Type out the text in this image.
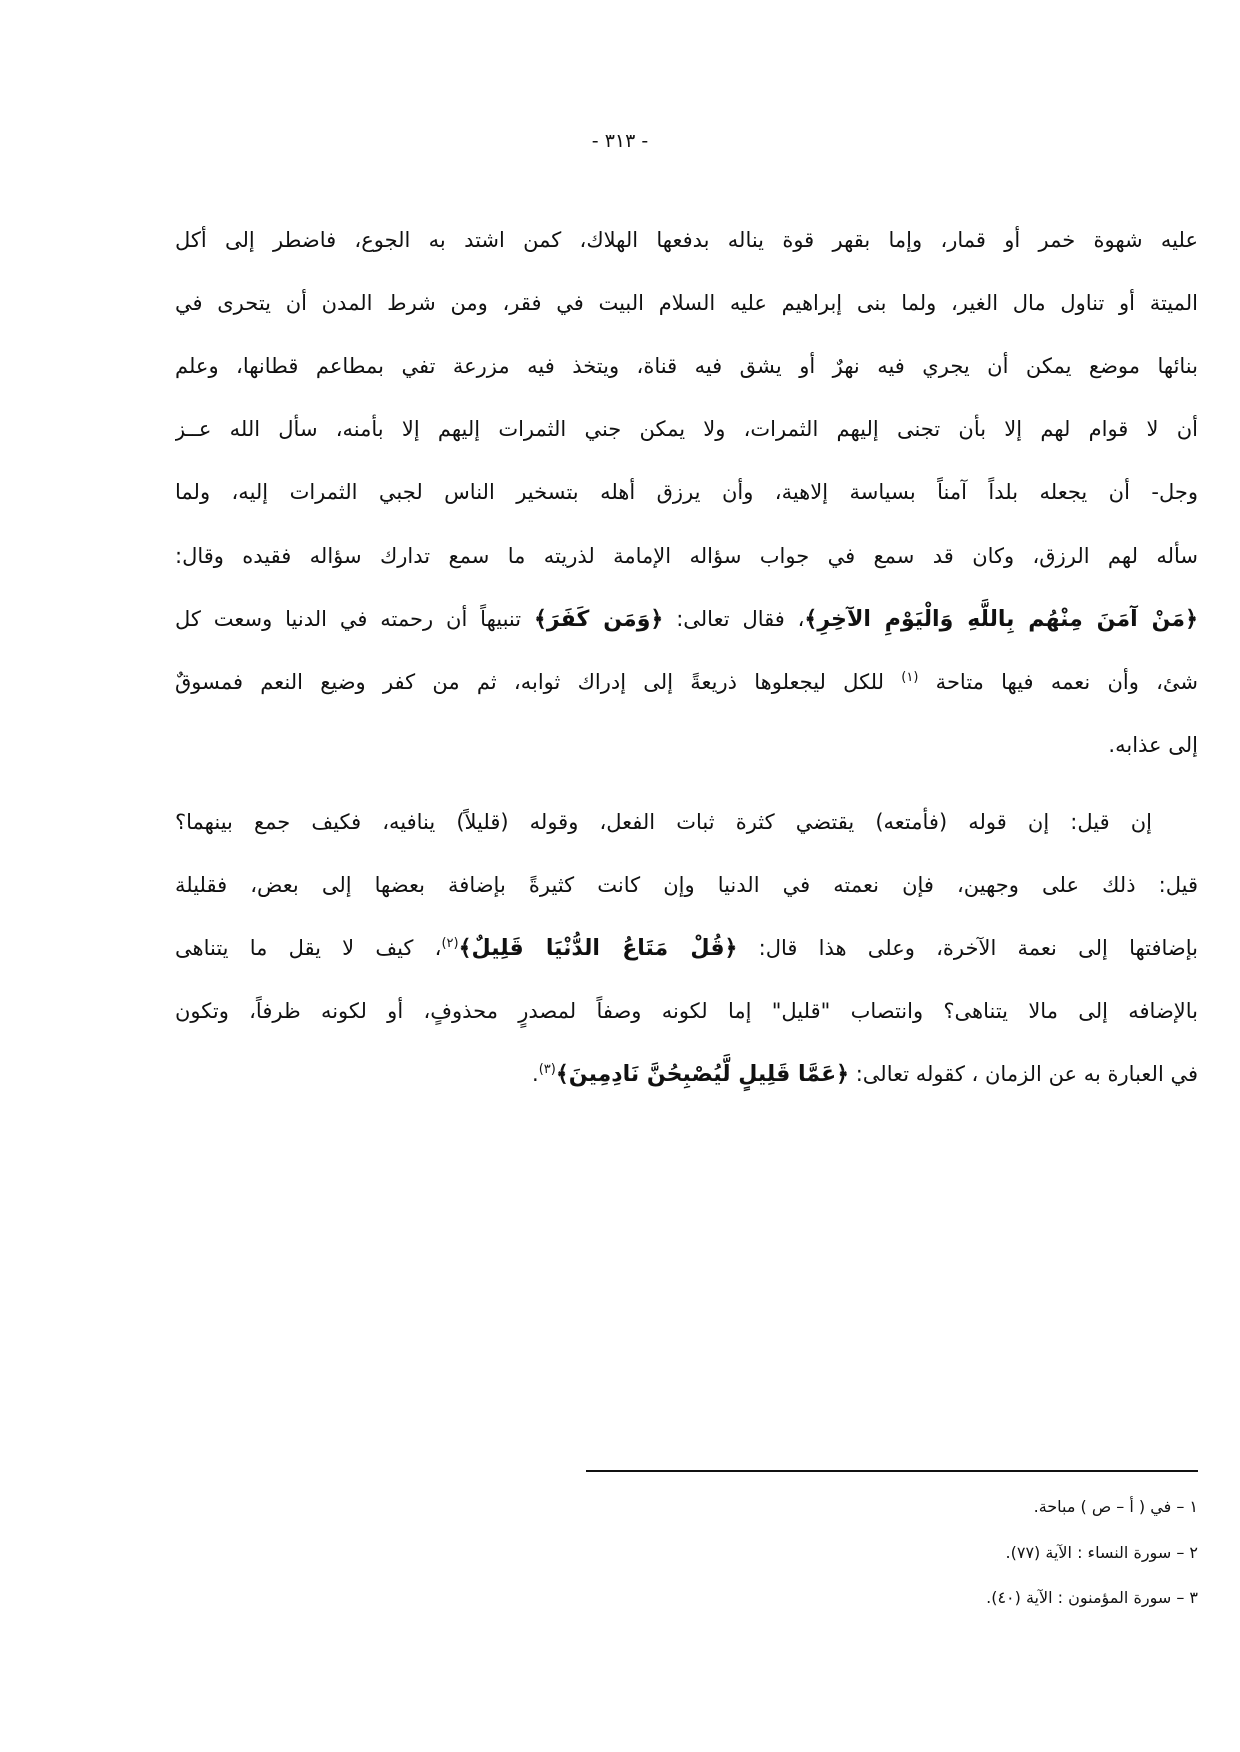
- ٣١٣ -
عليه شهوة خمر أو قمار، وإما بقهر قوة يناله بدفعها الهلاك، كمن اشتد به الجوع، فاضطر إلى أكل
الميتة أو تناول مال الغير، ولما بنى إبراهيم عليه السلام البيت في فقر، ومن شرط المدن أن يتحرى في
بنائها موضع يمكن أن يجري فيه نهرٌ أو يشق فيه قناة، ويتخذ فيه مزرعة تفي بمطاعم قطانها، وعلم
أن لا قوام لهم إلا بأن تجنى إليهم الثمرات، ولا يمكن جني الثمرات إليهم إلا بأمنه، سأل الله عــز
وجل- أن يجعله بلداً آمناً بسياسة إلاهية، وأن يرزق أهله بتسخير الناس لجبي الثمرات إليه، ولما
سأله لهم الرزق، وكان قد سمع في جواب سؤاله الإمامة لذريته ما سمع تدارك سؤاله فقيده وقال:
﴿مَنْ آمَنَ مِنْهُم بِاللَّهِ وَالْيَوْمِ الآخِرِ﴾، فقال تعالى: ﴿وَمَن كَفَرَ﴾ تنبيهاً أن رحمته في الدنيا وسعت كل
شئ، وأن نعمه فيها متاحة $^{(١)}$ للكل ليجعلوها ذريعةً إلى إدراك ثوابه، ثم من كفر وضيع النعم فمسوقٌ
إلى عذابه.
إن قيل: إن قوله (فأمتعه) يقتضي كثرة ثبات الفعل، وقوله (قليلاً) ينافيه، فكيف جمع بينهما؟
قيل: ذلك على وجهين، فإن نعمته في الدنيا وإن كانت كثيرةً بإضافة بعضها إلى بعض، فقليلة
بإضافتها إلى نعمة الآخرة، وعلى هذا قال: ﴿قُلْ مَتَاعُ الدُّنْيَا قَلِيلٌ﴾$^{(٢)}$، كيف لا يقل ما يتناهى
بالإضافه إلى مالا يتناهى؟ وانتصاب "قليل" إما لكونه وصفاً لمصدرٍ محذوفٍ، أو لكونه ظرفاً، وتكون
في العبارة به عن الزمان ، كقوله تعالى: ﴿عَمَّا قَلِيلٍ لَّيُصْبِحُنَّ نَادِمِينَ﴾$^{(٣)}$.
١ – في ( أ – ص ) مباحة.
٢ – سورة النساء : الآية (٧٧).
٣ – سورة المؤمنون : الآية (٤٠).
